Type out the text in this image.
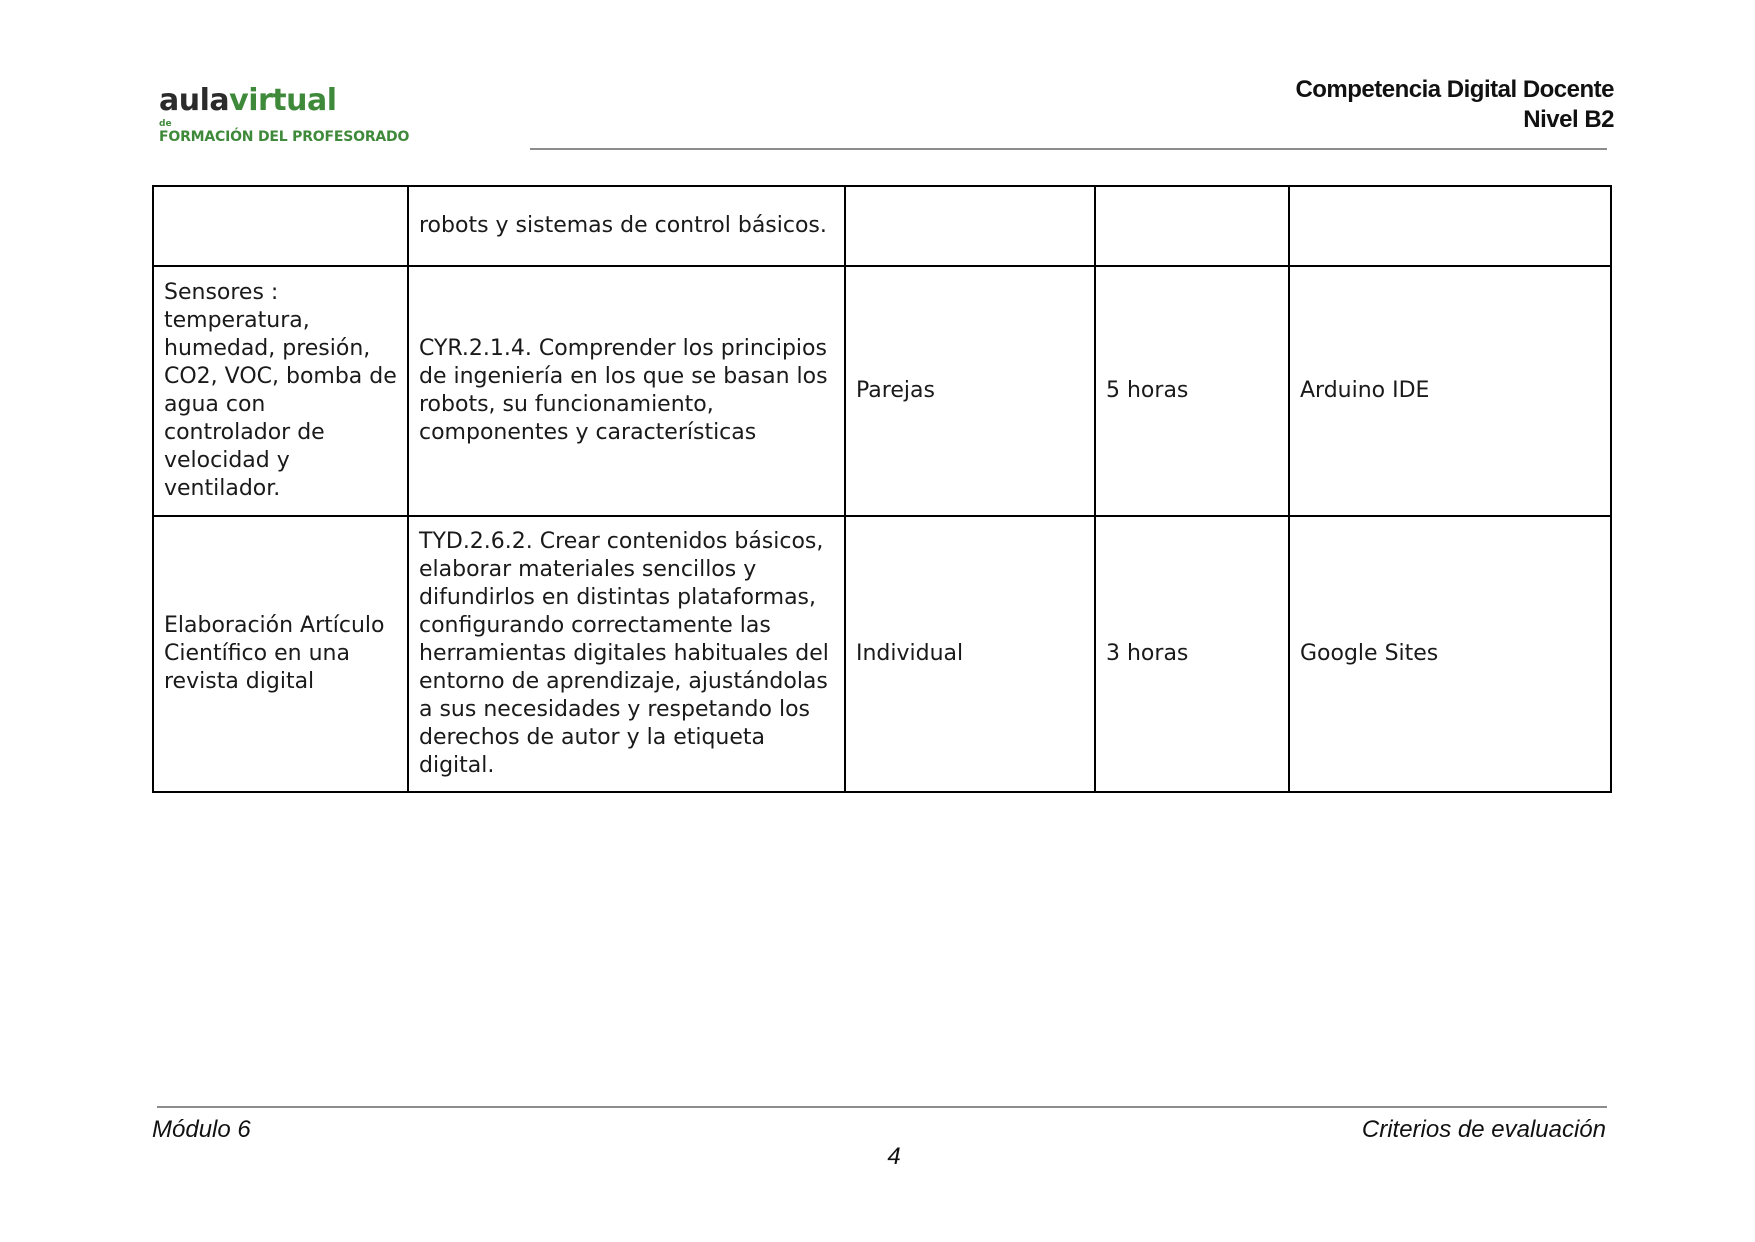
aulavirtual
de
FORMACIÓN DEL PROFESORADO
Competencia Digital Docente
Nivel B2
	robots y sistemas de control básicos.			
Sensores : temperatura, humedad, presión, CO2, VOC, bomba de agua con controlador de velocidad y ventilador.	CYR.2.1.4. Comprender los principios de ingeniería en los que se basan los robots, su funcionamiento, componentes y características	Parejas	5 horas	Arduino IDE
Elaboración Artículo Científico en una revista digital	TYD.2.6.2. Crear contenidos básicos, elaborar materiales sencillos y difundirlos en distintas plataformas, configurando correctamente las herramientas digitales habituales del entorno de aprendizaje, ajustándolas a sus necesidades y respetando los derechos de autor y la etiqueta digital.	Individual	3 horas	Google Sites
Módulo 6	Criterios de evaluación
4
